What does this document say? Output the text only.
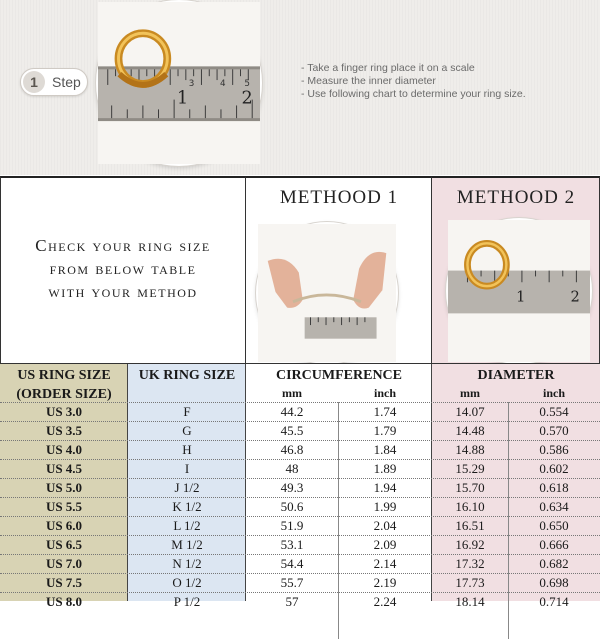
1	Step
1	2
3	4 5
- Take a finger ring place it on a scale
- Measure the inner diameter
- Use following chart to determine your ring size.
Check your ring size
from below table
with your method
METHOOD 1	METHOOD 2
1	2
US RING SIZE
(ORDER SIZE)
UK RING SIZE	CIRCUMFERENCE	DIAMETER
mm	inch	mm	inch
US 3.0	F	44.2	1.74	14.07	0.554
US 3.5	G	45.5	1.79	14.48	0.570
US 4.0	H	46.8	1.84	14.88	0.586
US 4.5	I	48	1.89	15.29	0.602
US 5.0	J 1/2	49.3	1.94	15.70	0.618
US 5.5	K 1/2	50.6	1.99	16.10	0.634
US 6.0	L 1/2	51.9	2.04	16.51	0.650
US 6.5	M 1/2	53.1	2.09	16.92	0.666
US 7.0	N 1/2	54.4	2.14	17.32	0.682
US 7.5	O 1/2	55.7	2.19	17.73	0.698
US 8.0	P 1/2	57	2.24	18.14	0.714
